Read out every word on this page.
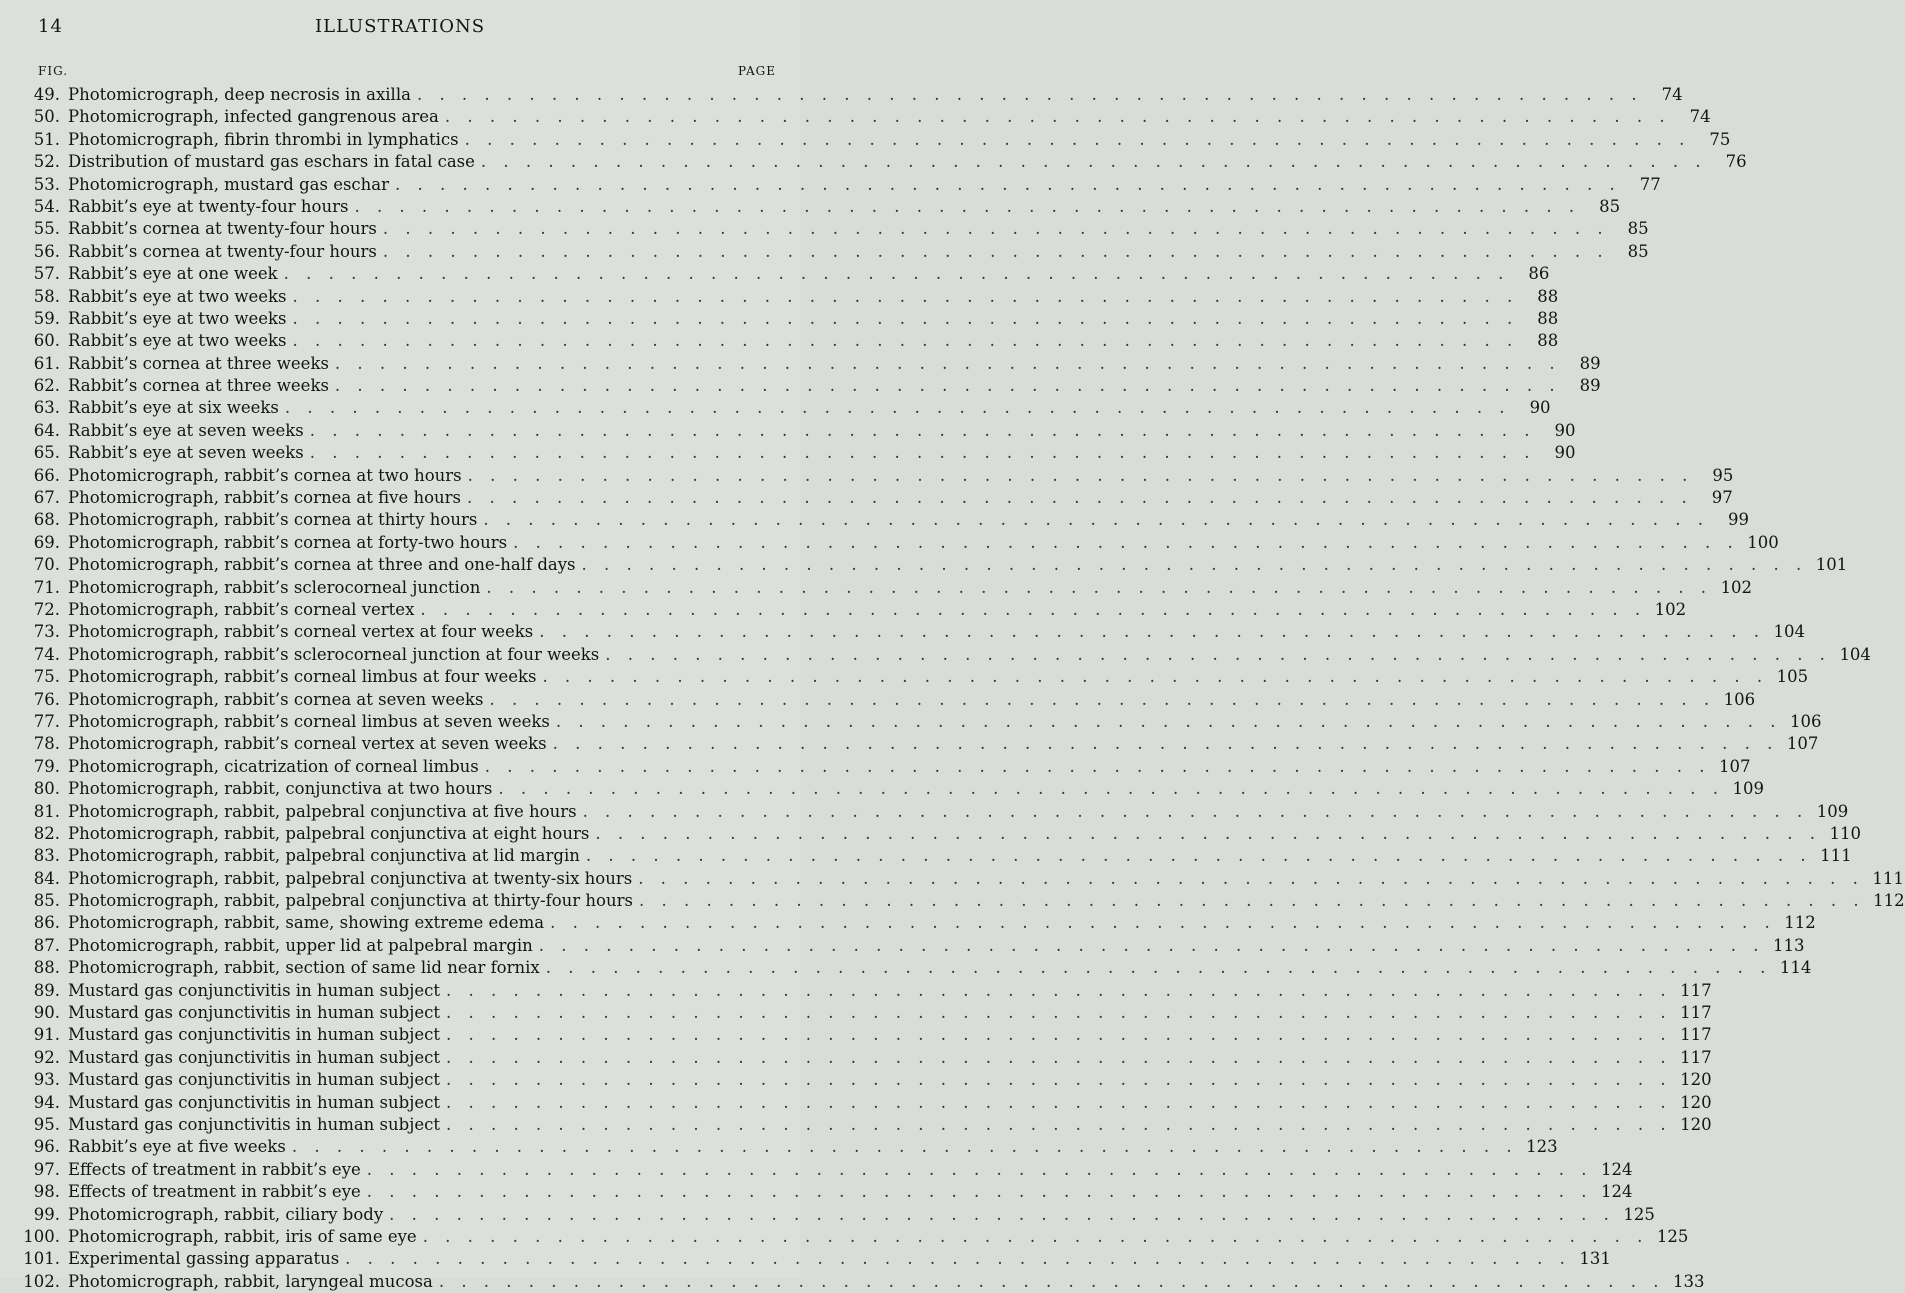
14	ILLUSTRATIONS
FIG.	PAGE
49. Photomicrograph, deep necrosis in axilla . . .	74
50. Photomicrograph, infected gangrenous area . . .	74
51. Photomicrograph, fibrin thrombi in lymphatics . . .	75
52. Distribution of mustard gas eschars in fatal case . . .	76
53. Photomicrograph, mustard gas eschar . . .	77
54. Rabbit’s eye at twenty-four hours . . .	85
55. Rabbit’s cornea at twenty-four hours . . .	85
56. Rabbit’s cornea at twenty-four hours . . .	85
57. Rabbit’s eye at one week . . .	86
58. Rabbit’s eye at two weeks . . .	88
59. Rabbit’s eye at two weeks . . .	88
60. Rabbit’s eye at two weeks . . .	88
61. Rabbit’s cornea at three weeks . . .	89
62. Rabbit’s cornea at three weeks . . .	89
63. Rabbit’s eye at six weeks . . .	90
64. Rabbit’s eye at seven weeks . . .	90
65. Rabbit’s eye at seven weeks . . .	90
66. Photomicrograph, rabbit’s cornea at two hours . . .	95
67. Photomicrograph, rabbit’s cornea at five hours . . .	97
68. Photomicrograph, rabbit’s cornea at thirty hours . . .	99
69. Photomicrograph, rabbit’s cornea at forty-two hours . . .	100
70. Photomicrograph, rabbit’s cornea at three and one-half days . . .	101
71. Photomicrograph, rabbit’s sclerocorneal junction . . .	102
72. Photomicrograph, rabbit’s corneal vertex . . .	102
73. Photomicrograph, rabbit’s corneal vertex at four weeks . . .	104
74. Photomicrograph, rabbit’s sclerocorneal junction at four weeks . . .	104
75. Photomicrograph, rabbit’s corneal limbus at four weeks . . .	105
76. Photomicrograph, rabbit’s cornea at seven weeks . . .	106
77. Photomicrograph, rabbit’s corneal limbus at seven weeks . . .	106
78. Photomicrograph, rabbit’s corneal vertex at seven weeks . . .	107
79. Photomicrograph, cicatrization of corneal limbus . . .	107
80. Photomicrograph, rabbit, conjunctiva at two hours . . .	109
81. Photomicrograph, rabbit, palpebral conjunctiva at five hours . . .	109
82. Photomicrograph, rabbit, palpebral conjunctiva at eight hours . . .	110
83. Photomicrograph, rabbit, palpebral conjunctiva at lid margin . . .	111
84. Photomicrograph, rabbit, palpebral conjunctiva at twenty-six hours . . .	111
85. Photomicrograph, rabbit, palpebral conjunctiva at thirty-four hours . . .	112
86. Photomicrograph, rabbit, same, showing extreme edema . . .	112
87. Photomicrograph, rabbit, upper lid at palpebral margin . . .	113
88. Photomicrograph, rabbit, section of same lid near fornix . . .	114
89. Mustard gas conjunctivitis in human subject . . .	117
90. Mustard gas conjunctivitis in human subject . . .	117
91. Mustard gas conjunctivitis in human subject . . .	117
92. Mustard gas conjunctivitis in human subject . . .	117
93. Mustard gas conjunctivitis in human subject . . .	120
94. Mustard gas conjunctivitis in human subject . . .	120
95. Mustard gas conjunctivitis in human subject . . .	120
96. Rabbit’s eye at five weeks . . .	123
97. Effects of treatment in rabbit’s eye . . .	124
98. Effects of treatment in rabbit’s eye . . .	124
99. Photomicrograph, rabbit, ciliary body . . .	125
100. Photomicrograph, rabbit, iris of same eye . . .	125
101. Experimental gassing apparatus . . .	131
102. Photomicrograph, rabbit, laryngeal mucosa . . .	133
